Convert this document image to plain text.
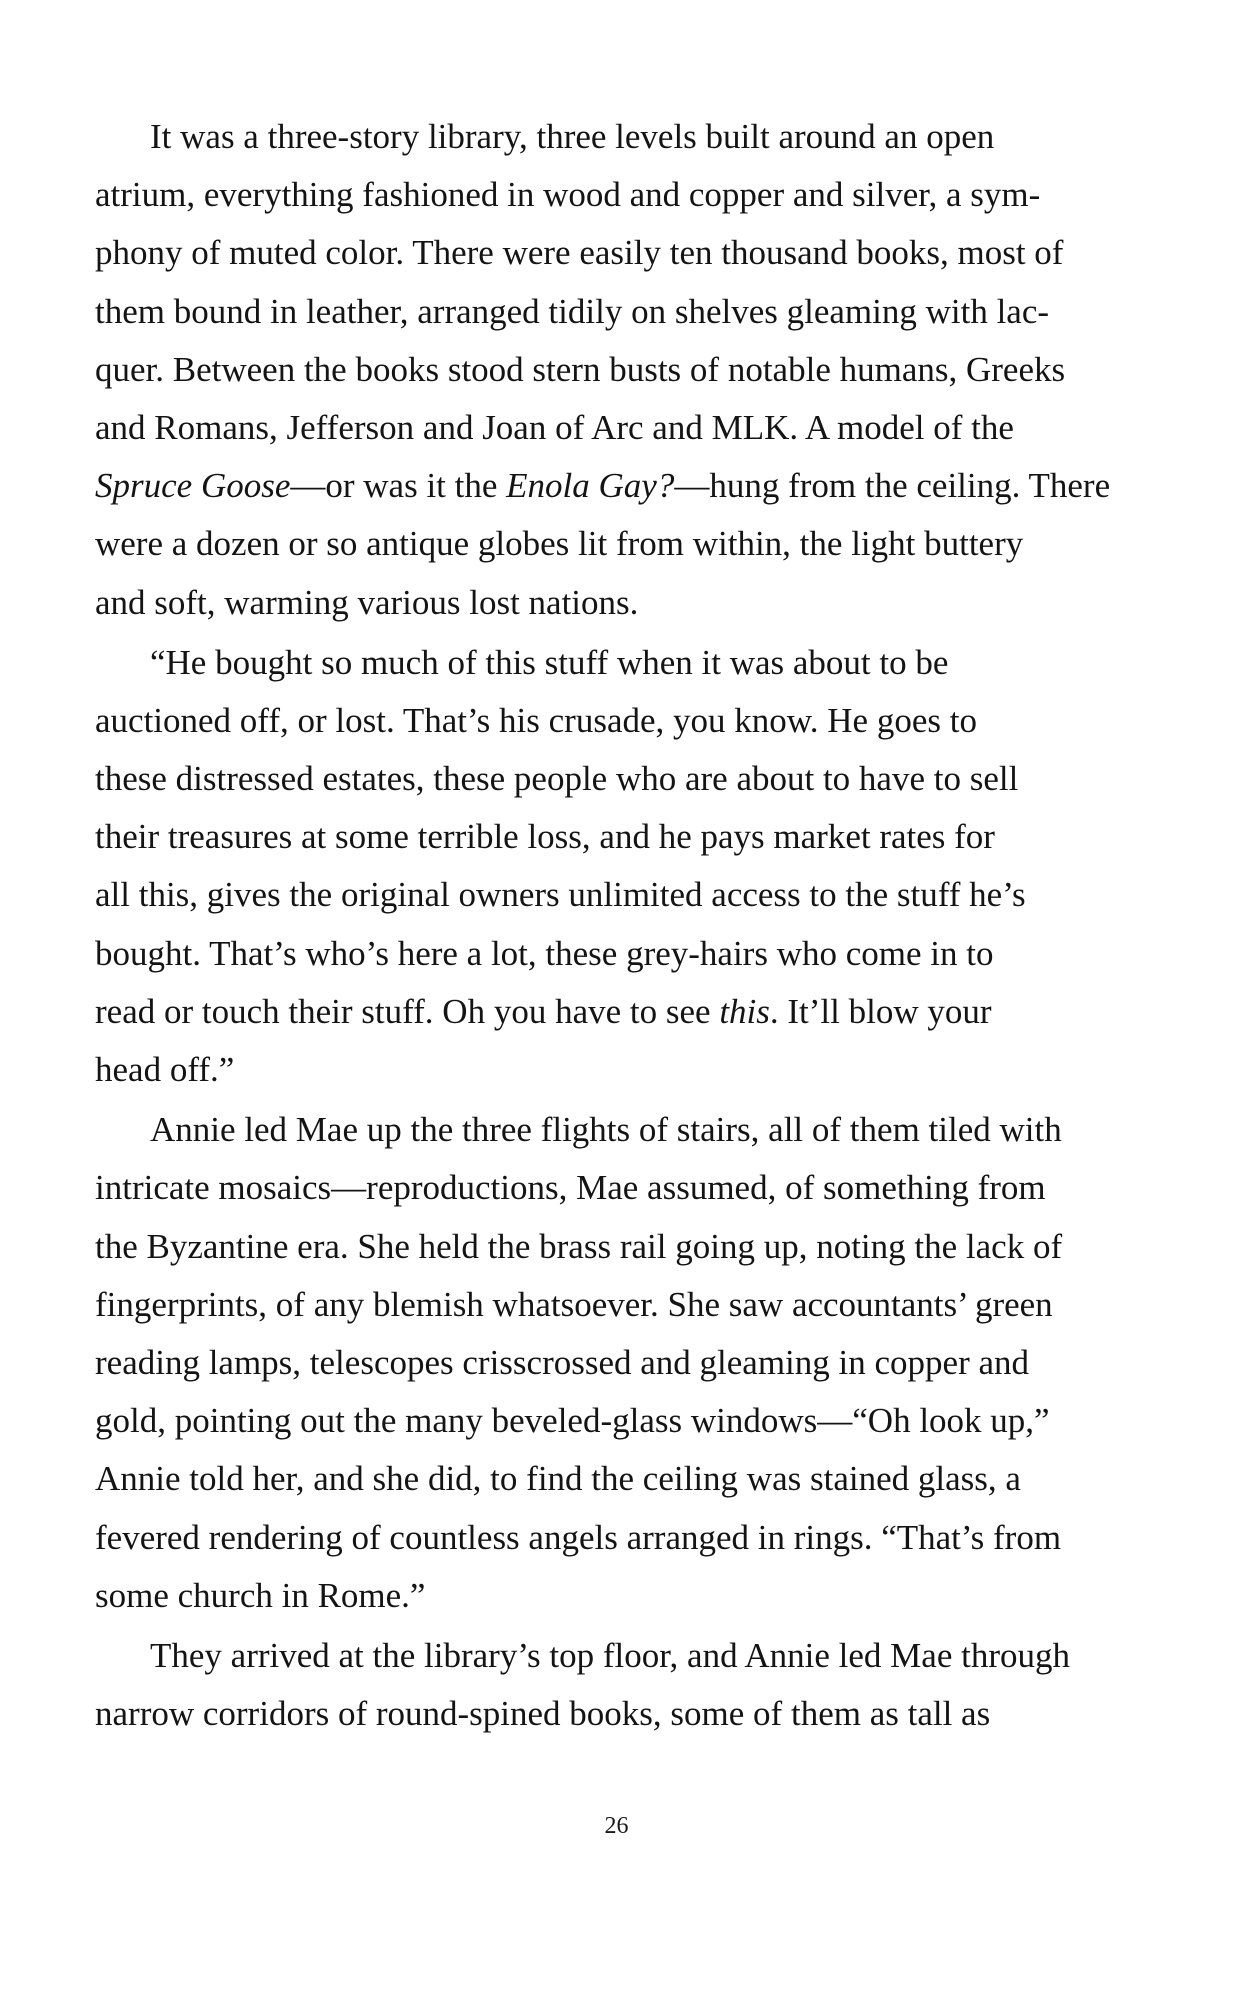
It was a three-story library, three levels built around an open
atrium, everything fashioned in wood and copper and silver, a sym-
phony of muted color. There were easily ten thousand books, most of
them bound in leather, arranged tidily on shelves gleaming with lac-
quer. Between the books stood stern busts of notable humans, Greeks
and Romans, Jefferson and Joan of Arc and MLK. A model of the
Spruce Goose—or was it the Enola Gay?—hung from the ceiling. There
were a dozen or so antique globes lit from within, the light buttery
and soft, warming various lost nations.
“He bought so much of this stuff when it was about to be
auctioned off, or lost. That’s his crusade, you know. He goes to
these distressed estates, these people who are about to have to sell
their treasures at some terrible loss, and he pays market rates for
all this, gives the original owners unlimited access to the stuff he’s
bought. That’s who’s here a lot, these grey-hairs who come in to
read or touch their stuff. Oh you have to see this. It’ll blow your
head off.”
Annie led Mae up the three flights of stairs, all of them tiled with
intricate mosaics—reproductions, Mae assumed, of something from
the Byzantine era. She held the brass rail going up, noting the lack of
fingerprints, of any blemish whatsoever. She saw accountants’ green
reading lamps, telescopes crisscrossed and gleaming in copper and
gold, pointing out the many beveled-glass windows—“Oh look up,”
Annie told her, and she did, to find the ceiling was stained glass, a
fevered rendering of countless angels arranged in rings. “That’s from
some church in Rome.”
They arrived at the library’s top floor, and Annie led Mae through
narrow corridors of round-spined books, some of them as tall as
26
